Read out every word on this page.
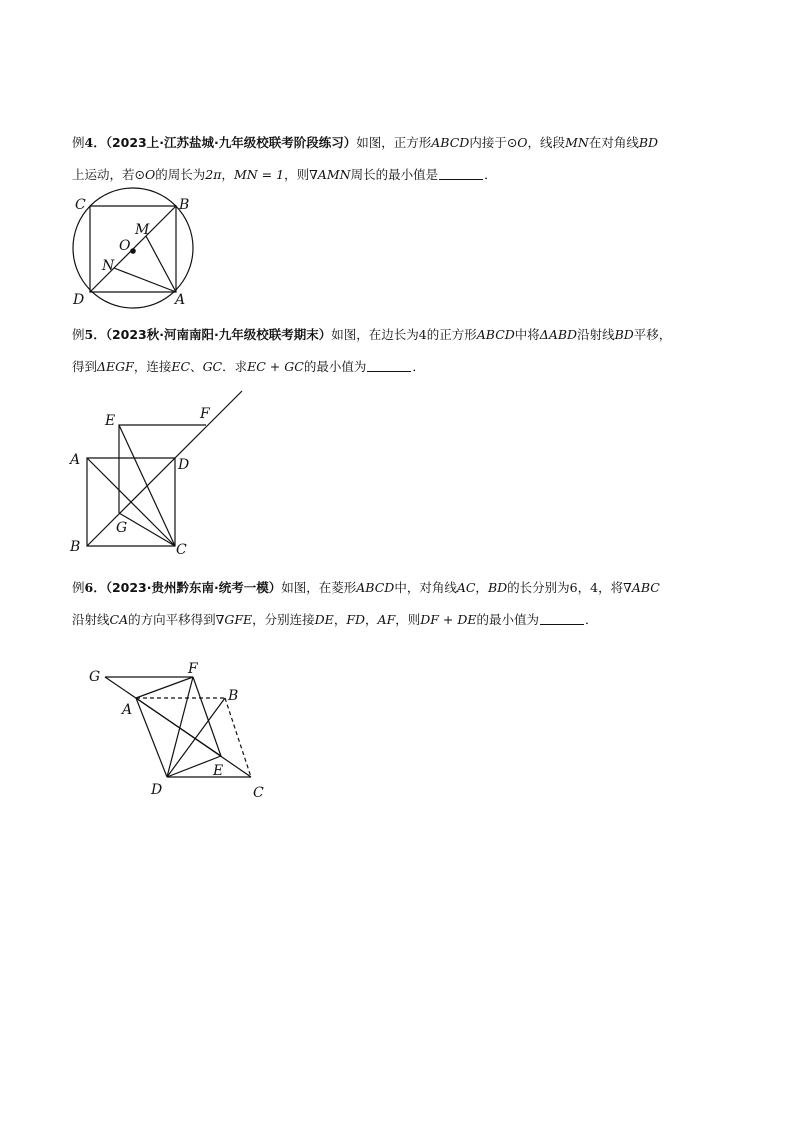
例4．（2023上·江苏盐城·九年级校联考阶段练习）如图，正方形ABCD内接于⊙O，线段MN在对角线BD
上运动，若⊙O的周长为2π，MN = 1，则∇AMN周长的最小值是	．
C	B
D	A
M
O
N
例5．（2023秋·河南南阳·九年级校联考期末）如图，在边长为4的正方形ABCD中将ΔABD沿射线BD平移，
得到ΔEGF，连接EC、GC．求EC + GC的最小值为	．
E	F
A	D
G
B	C
例6．（2023·贵州黔东南·统考一模）如图，在菱形ABCD中，对角线AC，BD的长分别为6，4，将∇ABC
沿射线CA的方向平移得到∇GFE，分别连接DE，FD，AF，则DF + DE的最小值为	．
G	F
B
A
E
D	C
